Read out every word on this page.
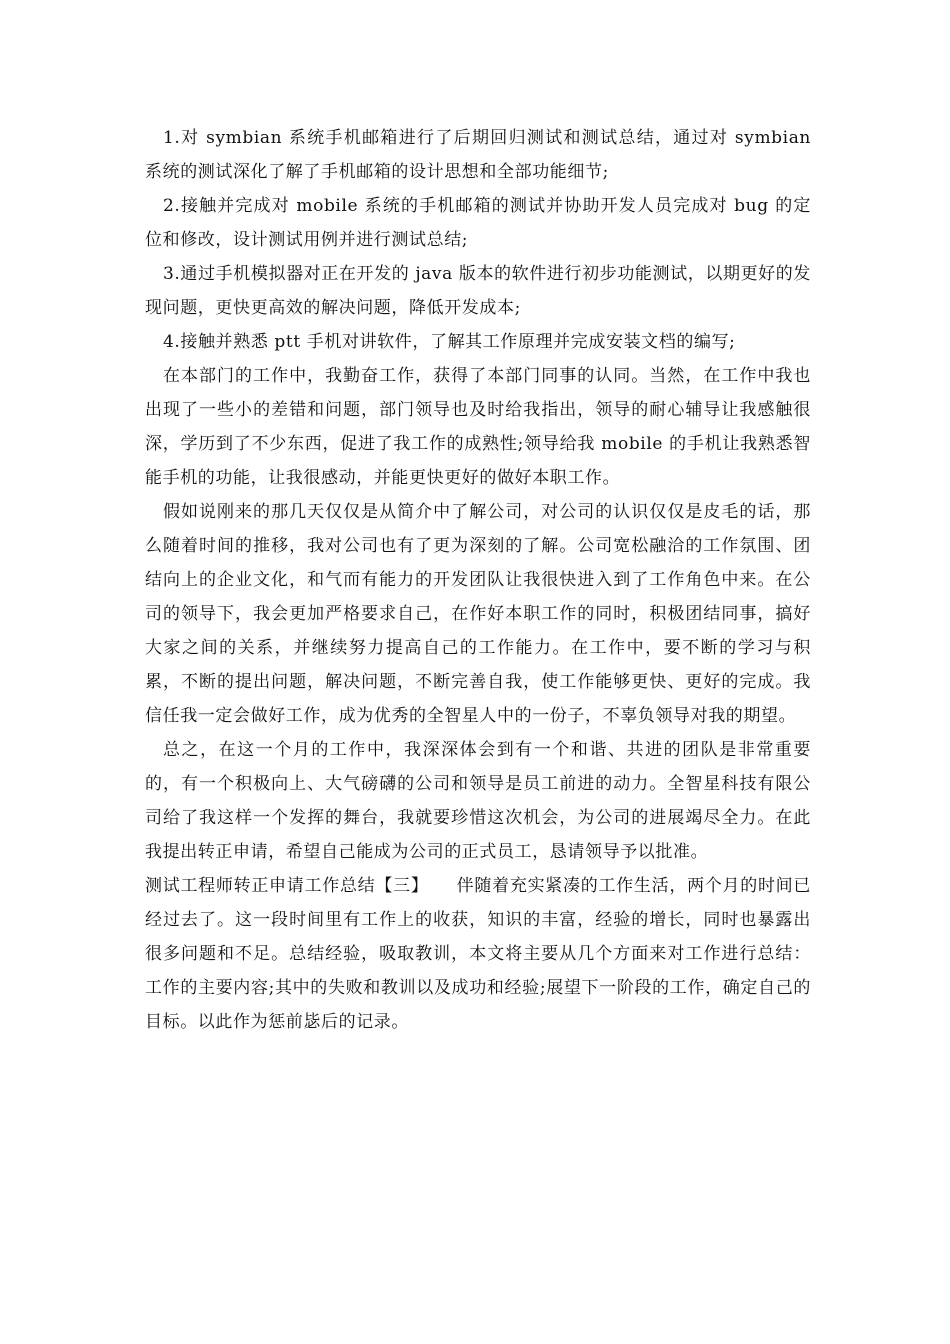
1.对 symbian 系统手机邮箱进行了后期回归测试和测试总结，通过对 symbian 系统的测试深化了解了手机邮箱的设计思想和全部功能细节;

2.接触并完成对 mobile 系统的手机邮箱的测试并协助开发人员完成对 bug 的定位和修改，设计测试用例并进行测试总结;

3.通过手机模拟器对正在开发的 java 版本的软件进行初步功能测试，以期更好的发现问题，更快更高效的解决问题，降低开发成本;

4.接触并熟悉 ptt 手机对讲软件，了解其工作原理并完成安装文档的编写;

在本部门的工作中，我勤奋工作，获得了本部门同事的认同。当然，在工作中我也出现了一些小的差错和问题，部门领导也及时给我指出，领导的耐心辅导让我感触很深，学历到了不少东西，促进了我工作的成熟性;领导给我 mobile 的手机让我熟悉智能手机的功能，让我很感动，并能更快更好的做好本职工作。

假如说刚来的那几天仅仅是从简介中了解公司，对公司的认识仅仅是皮毛的话，那么随着时间的推移，我对公司也有了更为深刻的了解。公司宽松融洽的工作氛围、团结向上的企业文化，和气而有能力的开发团队让我很快进入到了工作角色中来。在公司的领导下，我会更加严格要求自己，在作好本职工作的同时，积极团结同事，搞好大家之间的关系，并继续努力提高自己的工作能力。在工作中，要不断的学习与积累，不断的提出问题，解决问题，不断完善自我，使工作能够更快、更好的完成。我信任我一定会做好工作，成为优秀的全智星人中的一份子，不辜负领导对我的期望。

总之，在这一个月的工作中，我深深体会到有一个和谐、共进的团队是非常重要的，有一个积极向上、大气磅礴的公司和领导是员工前进的动力。全智星科技有限公司给了我这样一个发挥的舞台，我就要珍惜这次机会，为公司的进展竭尽全力。在此我提出转正申请，希望自己能成为公司的正式员工，恳请领导予以批准。

测试工程师转正申请工作总结【三】 伴随着充实紧凑的工作生活，两个月的时间已经过去了。这一段时间里有工作上的收获，知识的丰富，经验的增长，同时也暴露出很多问题和不足。总结经验，吸取教训，本文将主要从几个方面来对工作进行总结：工作的主要内容;其中的失败和教训以及成功和经验;展望下一阶段的工作，确定自己的目标。以此作为惩前毖后的记录。
